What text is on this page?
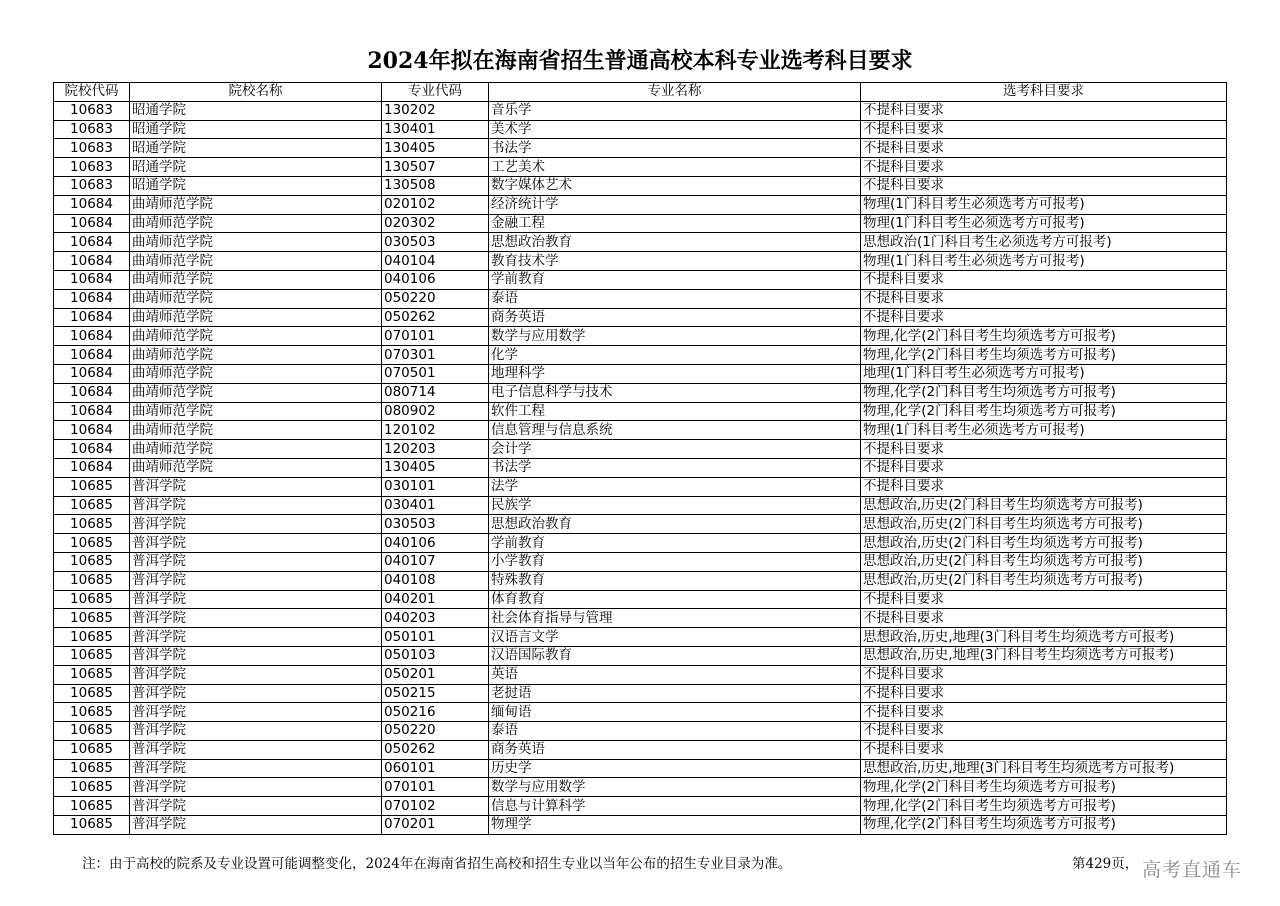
2024年拟在海南省招生普通高校本科专业选考科目要求
院校代码	院校名称	专业代码	专业名称	选考科目要求
10683	昭通学院	130202	音乐学	不提科目要求
10683	昭通学院	130401	美术学	不提科目要求
10683	昭通学院	130405	书法学	不提科目要求
10683	昭通学院	130507	工艺美术	不提科目要求
10683	昭通学院	130508	数字媒体艺术	不提科目要求
10684	曲靖师范学院	020102	经济统计学	物理(1门科目考生必须选考方可报考)
10684	曲靖师范学院	020302	金融工程	物理(1门科目考生必须选考方可报考)
10684	曲靖师范学院	030503	思想政治教育	思想政治(1门科目考生必须选考方可报考)
10684	曲靖师范学院	040104	教育技术学	物理(1门科目考生必须选考方可报考)
10684	曲靖师范学院	040106	学前教育	不提科目要求
10684	曲靖师范学院	050220	泰语	不提科目要求
10684	曲靖师范学院	050262	商务英语	不提科目要求
10684	曲靖师范学院	070101	数学与应用数学	物理,化学(2门科目考生均须选考方可报考)
10684	曲靖师范学院	070301	化学	物理,化学(2门科目考生均须选考方可报考)
10684	曲靖师范学院	070501	地理科学	地理(1门科目考生必须选考方可报考)
10684	曲靖师范学院	080714	电子信息科学与技术	物理,化学(2门科目考生均须选考方可报考)
10684	曲靖师范学院	080902	软件工程	物理,化学(2门科目考生均须选考方可报考)
10684	曲靖师范学院	120102	信息管理与信息系统	物理(1门科目考生必须选考方可报考)
10684	曲靖师范学院	120203	会计学	不提科目要求
10684	曲靖师范学院	130405	书法学	不提科目要求
10685	普洱学院	030101	法学	不提科目要求
10685	普洱学院	030401	民族学	思想政治,历史(2门科目考生均须选考方可报考)
10685	普洱学院	030503	思想政治教育	思想政治,历史(2门科目考生均须选考方可报考)
10685	普洱学院	040106	学前教育	思想政治,历史(2门科目考生均须选考方可报考)
10685	普洱学院	040107	小学教育	思想政治,历史(2门科目考生均须选考方可报考)
10685	普洱学院	040108	特殊教育	思想政治,历史(2门科目考生均须选考方可报考)
10685	普洱学院	040201	体育教育	不提科目要求
10685	普洱学院	040203	社会体育指导与管理	不提科目要求
10685	普洱学院	050101	汉语言文学	思想政治,历史,地理(3门科目考生均须选考方可报考)
10685	普洱学院	050103	汉语国际教育	思想政治,历史,地理(3门科目考生均须选考方可报考)
10685	普洱学院	050201	英语	不提科目要求
10685	普洱学院	050215	老挝语	不提科目要求
10685	普洱学院	050216	缅甸语	不提科目要求
10685	普洱学院	050220	泰语	不提科目要求
10685	普洱学院	050262	商务英语	不提科目要求
10685	普洱学院	060101	历史学	思想政治,历史,地理(3门科目考生均须选考方可报考)
10685	普洱学院	070101	数学与应用数学	物理,化学(2门科目考生均须选考方可报考)
10685	普洱学院	070102	信息与计算科学	物理,化学(2门科目考生均须选考方可报考)
10685	普洱学院	070201	物理学	物理,化学(2门科目考生均须选考方可报考)
注：由于高校的院系及专业设置可能调整变化，2024年在海南省招生高校和招生专业以当年公布的招生专业目录为准。	第429页， 高考直通车
